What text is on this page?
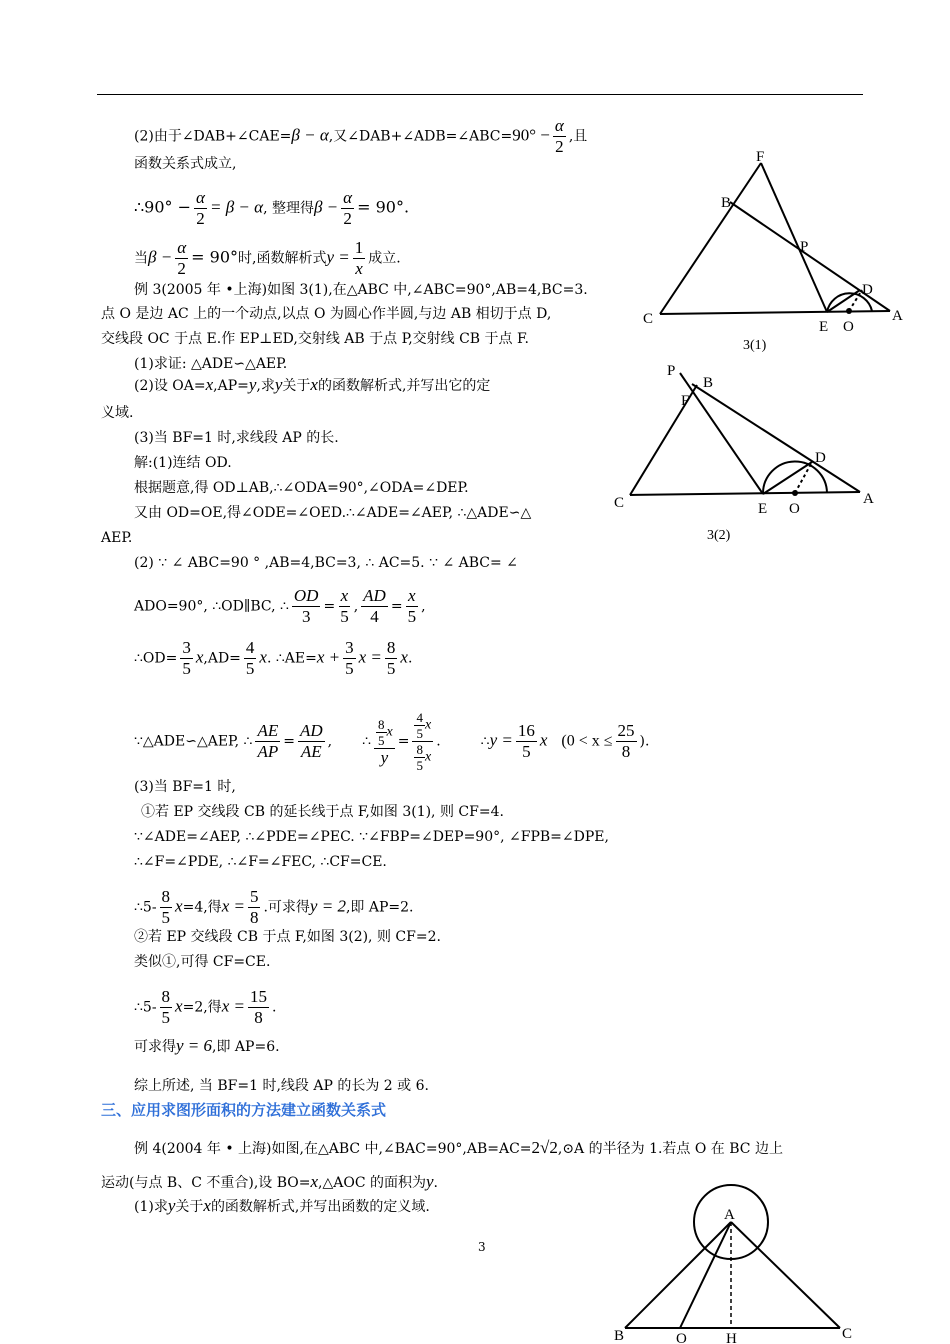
(2)由于∠DAB+∠CAE=β − α,又∠DAB+∠ADB=∠ABC=90° − $\frac{\alpha}{2}$ ,且
函数关系式成立,
∴90° − $\frac{\alpha}{2} = \beta - \alpha$, 整理得$\beta - \frac{\alpha}{2} = 90^\circ$.
当$\beta - \frac{\alpha}{2} = 90^\circ$时,函数解析式$y = \frac{1}{x}$ 成立.
例 3(2005 年 •上海)如图 3(1),在△ABC 中,∠ABC=90°,AB=4,BC=3.
点 O 是边 AC 上的一个动点,以点 O 为圆心作半圆,与边 AB 相切于点 D,
交线段 OC 于点 E.作 EP⊥ED,交射线 AB 于点 P,交射线 CB 于点 F.
(1)求证: △ADE∽△AEP.
(2)设 OA=x,AP=y,求y关于x的函数解析式,并写出它的定
义域.
(3)当 BF=1 时,求线段 AP 的长.
解:(1)连结 OD.
根据题意,得 OD⊥AB,∴∠ODA=90°,∠ODA=∠DEP.
又由 OD=OE,得∠ODE=∠OED.∴∠ADE=∠AEP, ∴△ADE∽△
AEP.
(2) ∵ ∠ ABC=90 ° ,AB=4,BC=3, ∴ AC=5. ∵ ∠ ABC= ∠
ADO=90°, ∴OD∥BC, ∴ $\frac{OD}{3} = \frac{x}{5}$ , $\frac{AD}{4} = \frac{x}{5}$ ,
∴OD= $\frac{3}{5} x,AD= \frac{4}{5} x$. ∴AE=x + $\frac{3}{5}$ $x = \frac{8}{5} x$.
∵△ADE∽△AEP, ∴ $\frac{AE}{AP} = \frac{AD}{AE}$ , ∴ $\frac{\frac{8}{5} x}{y} = \frac{\frac{4}{5} x}{\frac{8}{5} x}$ .	∴y = $\frac{16}{5}$ x ($0 < x \le \frac{25}{8}$ ).
(3)当 BF=1 时,
①若 EP 交线段 CB 的延长线于点 F,如图 3(1), 则 CF=4.
∵∠ADE=∠AEP, ∴∠PDE=∠PEC. ∵∠FBP=∠DEP=90°, ∠FPB=∠DPE,
∴∠F=∠PDE, ∴∠F=∠FEC, ∴CF=CE.
∴5- $\frac{8}{5} x=4$,得$x = \frac{5}{8}$ .可求得y = 2,即 AP=2.
②若 EP 交线段 CB 于点 F,如图 3(2), 则 CF=2.
类似①,可得 CF=CE.
∴5- $\frac{8}{5} x=2$,得$x = \frac{15}{8}$ .
可求得y = 6,即 AP=6.
综上所述, 当 BF=1 时,线段 AP 的长为 2 或 6.
三、应用求图形面积的方法建立函数关系式
例 4(2004 年 • 上海)如图,在△ABC 中,∠BAC=90°,AB=AC=2√2,⊙A 的半径为 1.若点 O 在 BC 边上
运动(与点 B、C 不重合),设 BO=x,△AOC 的面积为y.
(1)求y关于x的函数解析式,并写出函数的定义域.
3
F
B
P
D
C	E O
A
3(1)
P
B
F
D
C	E O
A
3(2)
A
B	O	H	C
